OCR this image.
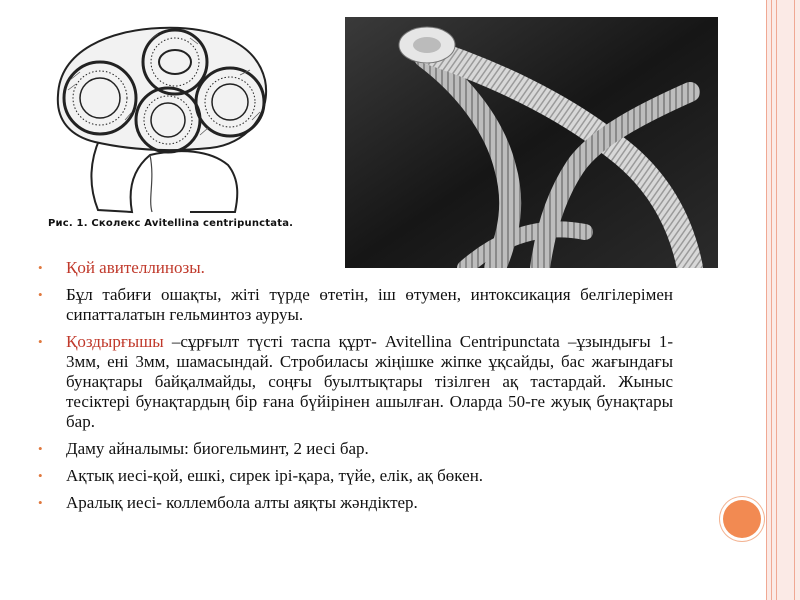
Рис. 1. Сколекс Avitellina centripunctata.
•	Қой авителлинозы.
•	Бұл табиғи ошақты, жіті түрде өтетін, іш өтумен, интоксикация белгілерімен сипатталатын гельминтоз ауруы.
•	Қоздырғышы –сұрғылт түсті таспа құрт- Avitellina Centripunctata –ұзындығы 1-3мм, ені 3мм, шамасындай. Стробиласы жіңішке жіпке ұқсайды, бас жағындағы бунақтары байқалмайды, соңғы буылтықтары тізілген ақ тастардай. Жыныс тесіктері бунақтардың бір ғана бүйірінен ашылған. Оларда 50-ге жуық бунақтары бар.
•	Даму айналымы: биогельминт, 2 иесі бар.
•	Ақтық иесі-қой, ешкі, сирек ірі-қара, түйе, елік, ақ бөкен.
•	Аралық иесі- коллембола алты аяқты жәндіктер.
